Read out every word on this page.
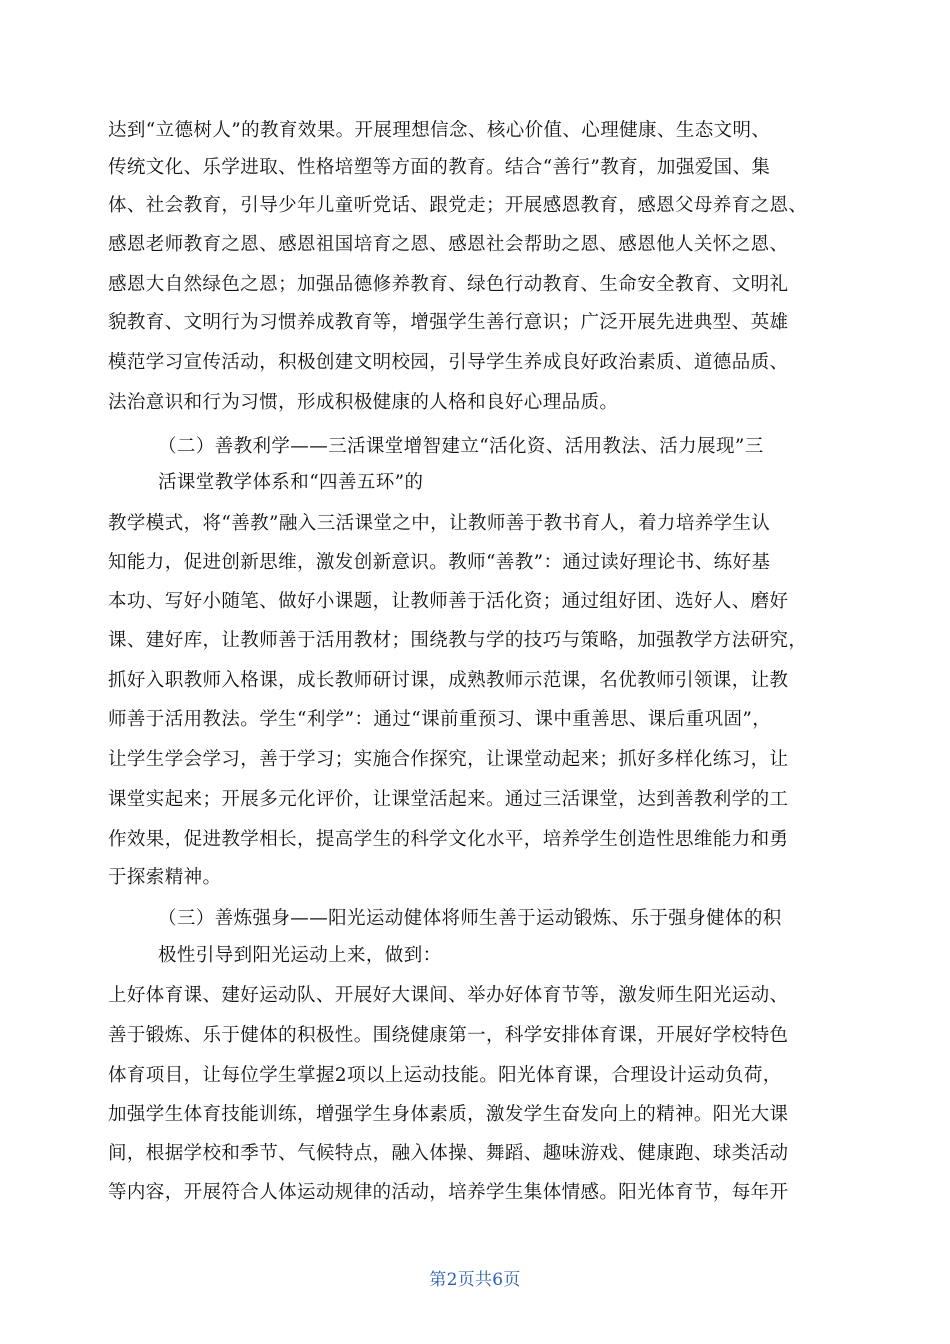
达到“立德树人”的教育效果。开展理想信念、核心价值、心理健康、生态文明、
传统文化、乐学进取、性格培塑等方面的教育。结合“善行”教育，加强爱国、集
体、社会教育，引导少年儿童听党话、跟党走；开展感恩教育，感恩父母养育之恩、
感恩老师教育之恩、感恩祖国培育之恩、感恩社会帮助之恩、感恩他人关怀之恩、
感恩大自然绿色之恩；加强品德修养教育、绿色行动教育、生命安全教育、文明礼
貌教育、文明行为习惯养成教育等，增强学生善行意识；广泛开展先进典型、英雄
模范学习宣传活动，积极创建文明校园，引导学生养成良好政治素质、道德品质、
法治意识和行为习惯，形成积极健康的人格和良好心理品质。
（二）善教利学——三活课堂增智建立“活化资、活用教法、活力展现”三
活课堂教学体系和“四善五环”的
教学模式，将“善教”融入三活课堂之中，让教师善于教书育人，着力培养学生认
知能力，促进创新思维，激发创新意识。教师“善教”：通过读好理论书、练好基
本功、写好小随笔、做好小课题，让教师善于活化资；通过组好团、选好人、磨好
课、建好库，让教师善于活用教材；围绕教与学的技巧与策略，加强教学方法研究，
抓好入职教师入格课，成长教师研讨课，成熟教师示范课，名优教师引领课，让教
师善于活用教法。学生“利学”：通过“课前重预习、课中重善思、课后重巩固”，
让学生学会学习，善于学习；实施合作探究，让课堂动起来；抓好多样化练习，让
课堂实起来；开展多元化评价，让课堂活起来。通过三活课堂，达到善教利学的工
作效果，促进教学相长，提高学生的科学文化水平，培养学生创造性思维能力和勇
于探索精神。
（三）善炼强身——阳光运动健体将师生善于运动锻炼、乐于强身健体的积
极性引导到阳光运动上来，做到：
上好体育课、建好运动队、开展好大课间、举办好体育节等，激发师生阳光运动、
善于锻炼、乐于健体的积极性。围绕健康第一，科学安排体育课，开展好学校特色
体育项目，让每位学生掌握2项以上运动技能。阳光体育课，合理设计运动负荷，
加强学生体育技能训练，增强学生身体素质，激发学生奋发向上的精神。阳光大课
间，根据学校和季节、气候特点，融入体操、舞蹈、趣味游戏、健康跑、球类活动
等内容，开展符合人体运动规律的活动，培养学生集体情感。阳光体育节，每年开
第2页共6页
